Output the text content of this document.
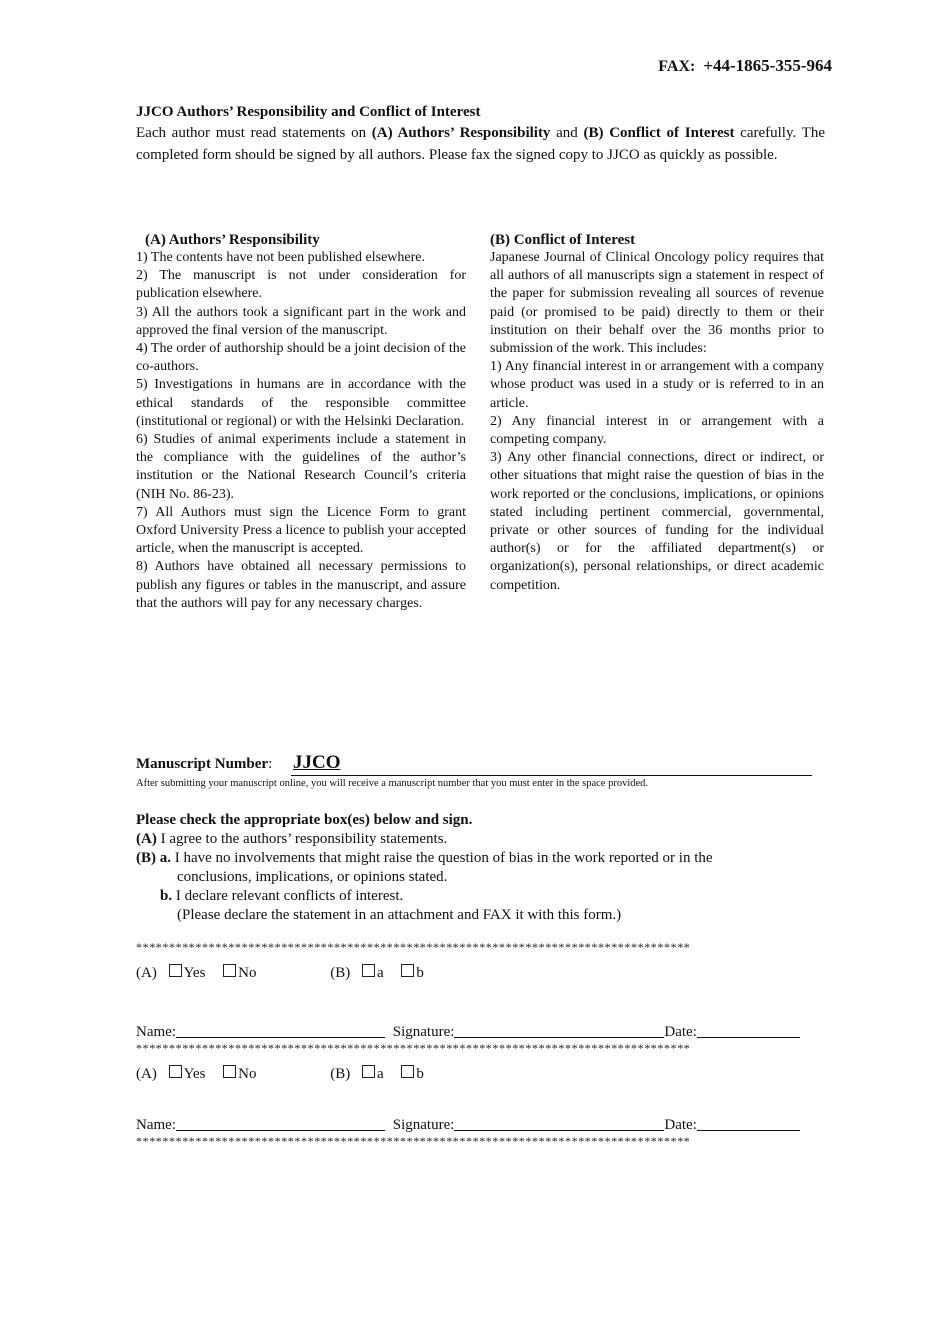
FAX: +44-1865-355-964
JJCO Authors’ Responsibility and Conflict of Interest
Each author must read statements on (A) Authors’ Responsibility and (B) Conflict of Interest carefully. The completed form should be signed by all authors. Please fax the signed copy to JJCO as quickly as possible.
(A) Authors’ Responsibility

1) The contents have not been published elsewhere.

2) The manuscript is not under consideration for publication elsewhere.

3) All the authors took a significant part in the work and approved the final version of the manuscript.

4) The order of authorship should be a joint decision of the co-authors.

5) Investigations in humans are in accordance with the ethical standards of the responsible committee (institutional or regional) or with the Helsinki Declaration.

6) Studies of animal experiments include a statement in the compliance with the guidelines of the author’s institution or the National Research Council’s criteria (NIH No. 86-23).

7) All Authors must sign the Licence Form to grant Oxford University Press a licence to publish your accepted article, when the manuscript is accepted.

8) Authors have obtained all necessary permissions to publish any figures or tables in the manuscript, and assure that the authors will pay for any necessary charges.

(B) Conflict of Interest

Japanese Journal of Clinical Oncology policy requires that all authors of all manuscripts sign a statement in respect of the paper for submission revealing all sources of revenue paid (or promised to be paid) directly to them or their institution on their behalf over the 36 months prior to submission of the work. This includes:

1) Any financial interest in or arrangement with a company whose product was used in a study or is referred to in an article.

2) Any financial interest in or arrangement with a competing company.

3) Any other financial connections, direct or indirect, or other situations that might raise the question of bias in the work reported or the conclusions, implications, or opinions stated including pertinent commercial, governmental, private or other sources of funding for the individual author(s) or for the affiliated department(s) or organization(s), personal relationships, or direct academic competition.

Manuscript Number: JJCO
After submitting your manuscript online, you will receive a manuscript number that you must enter in the space provided.
Please check the appropriate box(es) below and sign.
(A) I agree to the authors’ responsibility statements.
(B) a. I have no involvements that might raise the question of bias in the work reported or in the
conclusions, implications, or opinions stated.
b. I declare relevant conflicts of interest.
(Please declare the statement in an attachment and FAX it with this form.)
************************************************************************************
(A) Yes No	(B) a b
Name:	Signature:	Date:
************************************************************************************
(A) Yes No	(B) a b
Name:	Signature:	Date:
************************************************************************************
